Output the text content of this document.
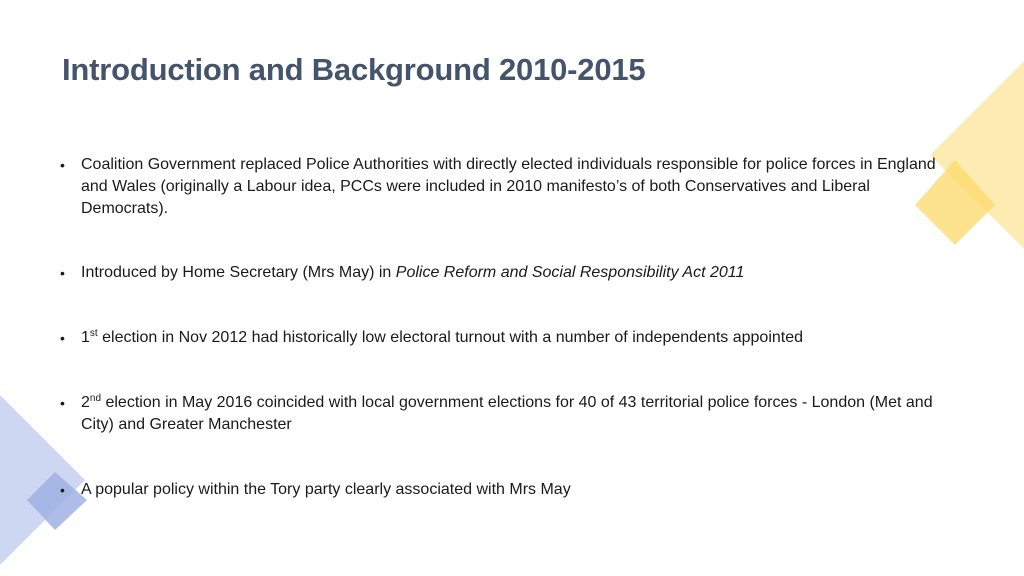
Introduction and Background 2010-2015
• Coalition Government replaced Police Authorities with directly elected individuals responsible for police forces in England and Wales (originally a Labour idea, PCCs were included in 2010 manifesto’s of both Conservatives and Liberal Democrats).
• Introduced by Home Secretary (Mrs May) in Police Reform and Social Responsibility Act 2011
• 1st election in Nov 2012 had historically low electoral turnout with a number of independents appointed
• 2nd election in May 2016 coincided with local government elections for 40 of 43 territorial police forces - London (Met and City) and Greater Manchester
• A popular policy within the Tory party clearly associated with Mrs May
